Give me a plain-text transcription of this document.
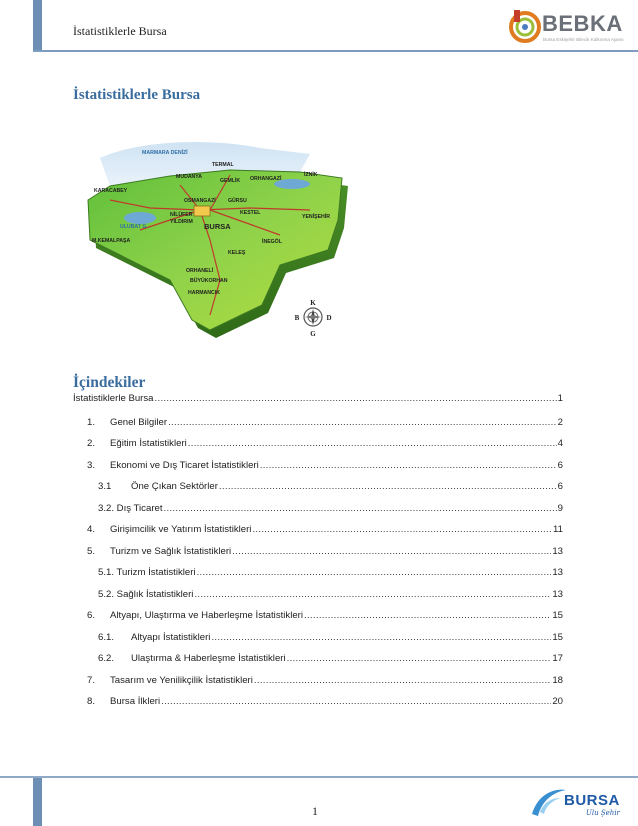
İstatistiklerle Bursa	BEBKA
Bursa Eskişehir Bilecik Kalkınma Ajansı
İstatistiklerle Bursa
MARMARA DENİZİ
TERMAL
İZNİK
MUDANYA
GEMLİK ORHANGAZİ
KARACABEY
OSMANGAZİ GÜRSU
NİLÜFER
YILDIRIM
KESTEL
YENİŞEHİR
BURSA
M.KEMALPAŞA	İNEGÖL
KELEŞ
ORHANELİ
BÜYÜKORHAN
HARMANCIK
ULUBAT G.
K
G
D
B
İçindekiler
İstatistiklerle Bursa .....	1
1.	Genel Bilgiler .....	2
2.	Eğitim İstatistikleri .....	4
3.	Ekonomi ve Dış Ticaret İstatistikleri .....	6
3.1	Öne Çıkan Sektörler .....	6
3.2. Dış Ticaret .....	9
4.	Girişimcilik ve Yatırım İstatistikleri .....	11
5.	Turizm ve Sağlık İstatistikleri .....	13
5.1. Turizm İstatistikleri .....	13
5.2. Sağlık İstatistikleri .....	13
6.	Altyapı, Ulaştırma ve Haberleşme İstatistikleri .....	15
6.1.	Altyapı İstatistikleri .....	15
6.2.	Ulaştırma & Haberleşme İstatistikleri .....	17
7.	Tasarım ve Yenilikçilik İstatistikleri .....	18
8.	Bursa İlkleri .....	20
1
BURSA
Ulu Şehir
